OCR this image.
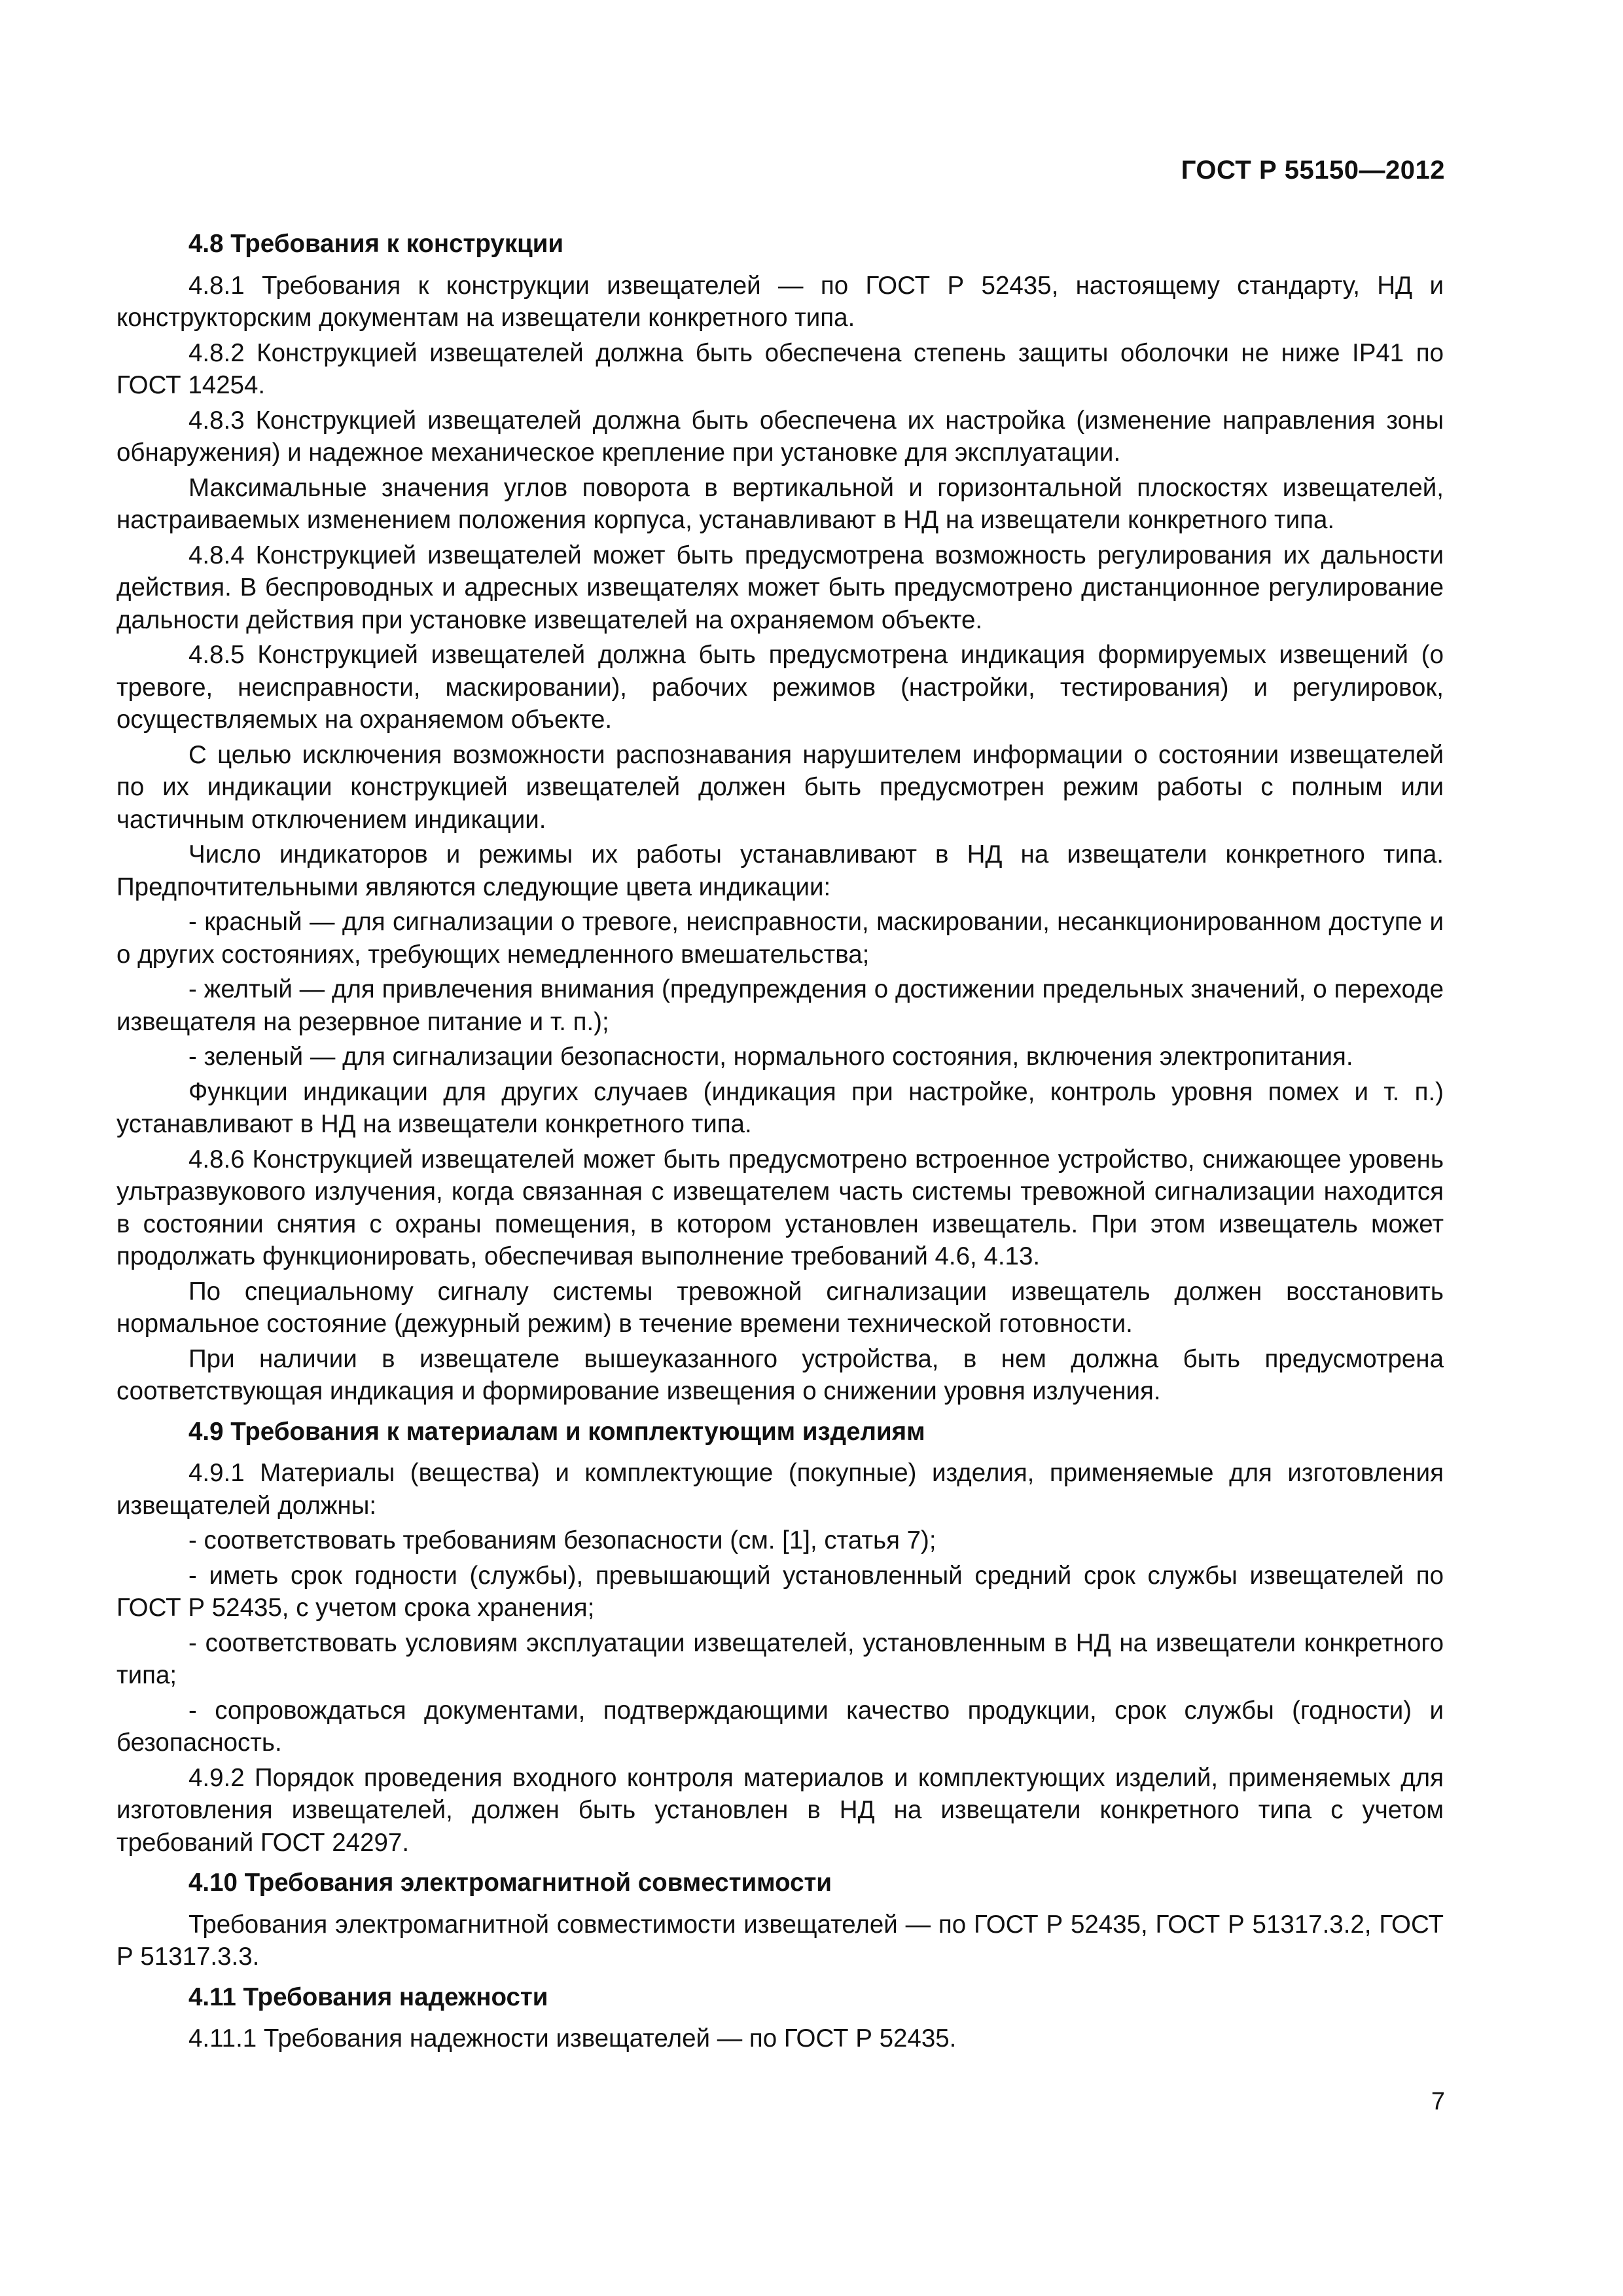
ГОСТ Р 55150—2012
4.8 Требования к конструкции

4.8.1 Требования к конструкции извещателей — по ГОСТ Р 52435, настоящему стандарту, НД и конструкторским документам на извещатели конкретного типа.

4.8.2 Конструкцией извещателей должна быть обеспечена степень защиты оболочки не ниже IP41 по ГОСТ 14254.

4.8.3 Конструкцией извещателей должна быть обеспечена их настройка (изменение направления зоны обнаружения) и надежное механическое крепление при установке для эксплуатации.

Максимальные значения углов поворота в вертикальной и горизонтальной плоскостях извещателей, настраиваемых изменением положения корпуса, устанавливают в НД на извещатели конкретного типа.

4.8.4 Конструкцией извещателей может быть предусмотрена возможность регулирования их дальности действия. В беспроводных и адресных извещателях может быть предусмотрено дистанционное регулирование дальности действия при установке извещателей на охраняемом объекте.

4.8.5 Конструкцией извещателей должна быть предусмотрена индикация формируемых извещений (о тревоге, неисправности, маскировании), рабочих режимов (настройки, тестирования) и регулировок, осуществляемых на охраняемом объекте.

С целью исключения возможности распознавания нарушителем информации о состоянии извещателей по их индикации конструкцией извещателей должен быть предусмотрен режим работы с полным или частичным отключением индикации.

Число индикаторов и режимы их работы устанавливают в НД на извещатели конкретного типа. Предпочтительными являются следующие цвета индикации:

- красный — для сигнализации о тревоге, неисправности, маскировании, несанкционированном доступе и о других состояниях, требующих немедленного вмешательства;

- желтый — для привлечения внимания (предупреждения о достижении предельных значений, о переходе извещателя на резервное питание и т. п.);

- зеленый — для сигнализации безопасности, нормального состояния, включения электропитания.

Функции индикации для других случаев (индикация при настройке, контроль уровня помех и т. п.) устанавливают в НД на извещатели конкретного типа.

4.8.6 Конструкцией извещателей может быть предусмотрено встроенное устройство, снижающее уровень ультразвукового излучения, когда связанная с извещателем часть системы тревожной сигнализации находится в состоянии снятия с охраны помещения, в котором установлен извещатель. При этом извещатель может продолжать функционировать, обеспечивая выполнение требований 4.6, 4.13.

По специальному сигналу системы тревожной сигнализации извещатель должен восстановить нормальное состояние (дежурный режим) в течение времени технической готовности.

При наличии в извещателе вышеуказанного устройства, в нем должна быть предусмотрена соответствующая индикация и формирование извещения о снижении уровня излучения.

4.9 Требования к материалам и комплектующим изделиям

4.9.1 Материалы (вещества) и комплектующие (покупные) изделия, применяемые для изготовления извещателей должны:

- соответствовать требованиям безопасности (см. [1], статья 7);

- иметь срок годности (службы), превышающий установленный средний срок службы извещателей по ГОСТ Р 52435, с учетом срока хранения;

- соответствовать условиям эксплуатации извещателей, установленным в НД на извещатели конкретного типа;

- сопровождаться документами, подтверждающими качество продукции, срок службы (годности) и безопасность.

4.9.2 Порядок проведения входного контроля материалов и комплектующих изделий, применяемых для изготовления извещателей, должен быть установлен в НД на извещатели конкретного типа с учетом требований ГОСТ 24297.

4.10 Требования электромагнитной совместимости

Требования электромагнитной совместимости извещателей — по ГОСТ Р 52435, ГОСТ Р 51317.3.2, ГОСТ Р 51317.3.3.

4.11 Требования надежности

4.11.1 Требования надежности извещателей — по ГОСТ Р 52435.

7
